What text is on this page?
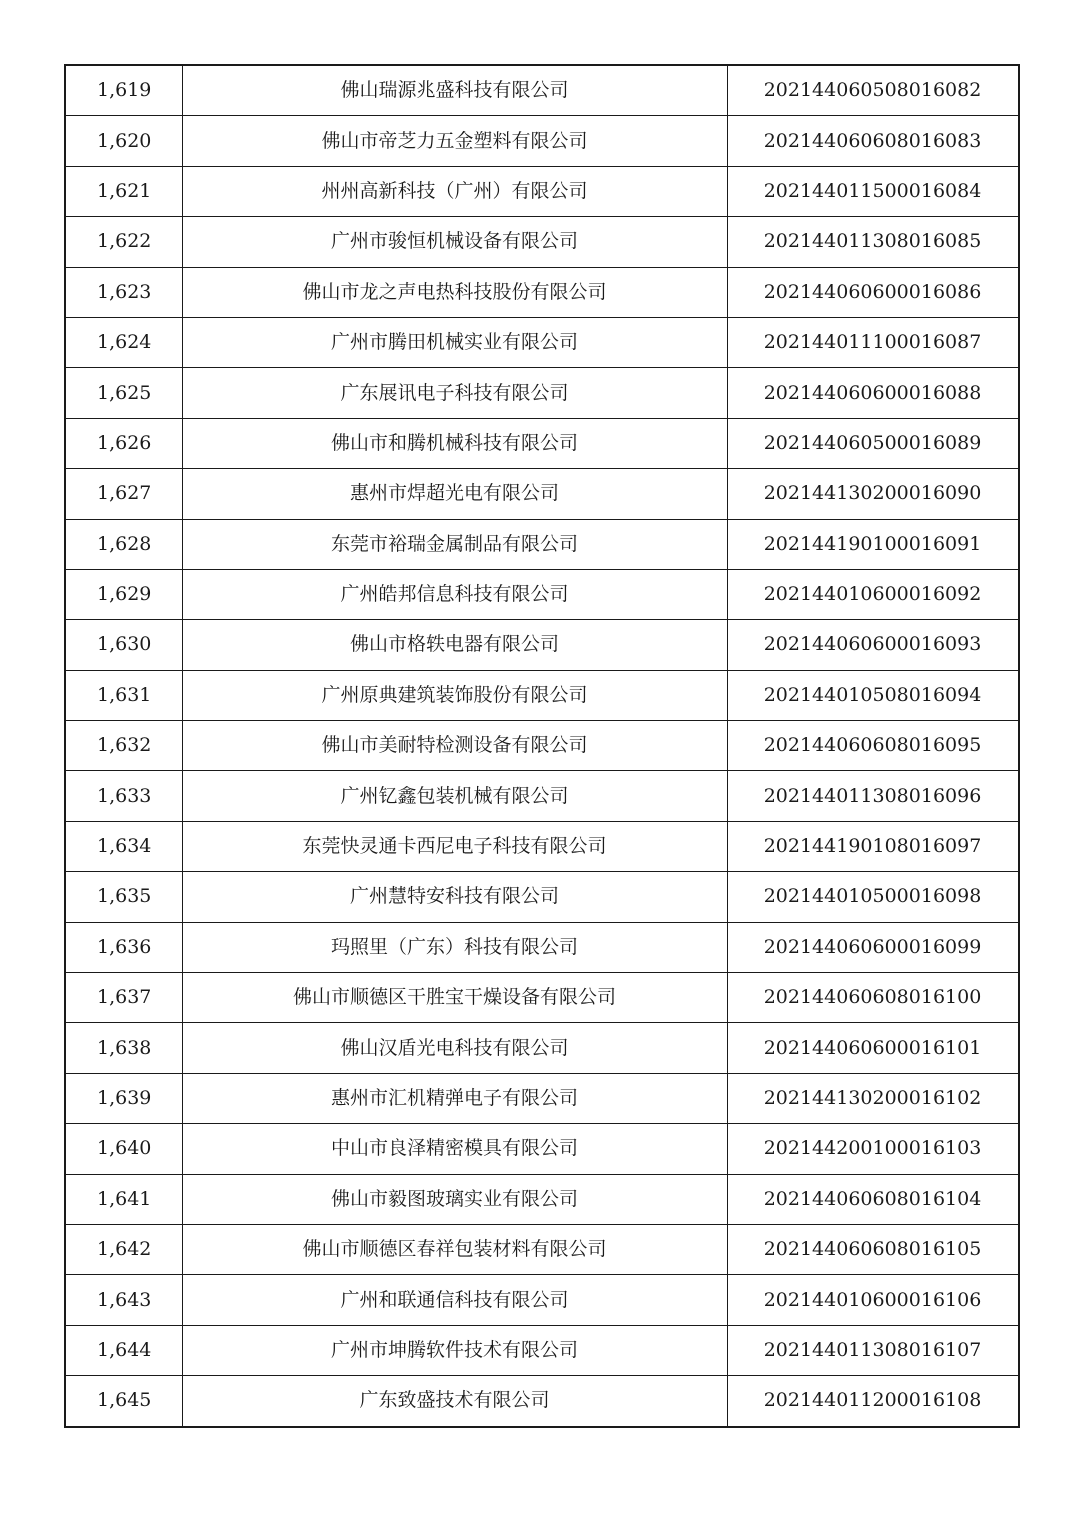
1,619	佛山瑞源兆盛科技有限公司	202144060508016082
1,620	佛山市帝芝力五金塑料有限公司	202144060608016083
1,621	州州高新科技（广州）有限公司	202144011500016084
1,622	广州市骏恒机械设备有限公司	202144011308016085
1,623	佛山市龙之声电热科技股份有限公司	202144060600016086
1,624	广州市腾田机械实业有限公司	202144011100016087
1,625	广东展讯电子科技有限公司	202144060600016088
1,626	佛山市和腾机械科技有限公司	202144060500016089
1,627	惠州市焊超光电有限公司	202144130200016090
1,628	东莞市裕瑞金属制品有限公司	202144190100016091
1,629	广州皓邦信息科技有限公司	202144010600016092
1,630	佛山市格轶电器有限公司	202144060600016093
1,631	广州原典建筑装饰股份有限公司	202144010508016094
1,632	佛山市美耐特检测设备有限公司	202144060608016095
1,633	广州钇鑫包装机械有限公司	202144011308016096
1,634	东莞快灵通卡西尼电子科技有限公司	202144190108016097
1,635	广州慧特安科技有限公司	202144010500016098
1,636	玛照里（广东）科技有限公司	202144060600016099
1,637	佛山市顺德区干胜宝干燥设备有限公司	202144060608016100
1,638	佛山汉盾光电科技有限公司	202144060600016101
1,639	惠州市汇机精弹电子有限公司	202144130200016102
1,640	中山市良泽精密模具有限公司	202144200100016103
1,641	佛山市毅图玻璃实业有限公司	202144060608016104
1,642	佛山市顺德区春祥包装材料有限公司	202144060608016105
1,643	广州和联通信科技有限公司	202144010600016106
1,644	广州市坤腾软件技术有限公司	202144011308016107
1,645	广东致盛技术有限公司	202144011200016108
